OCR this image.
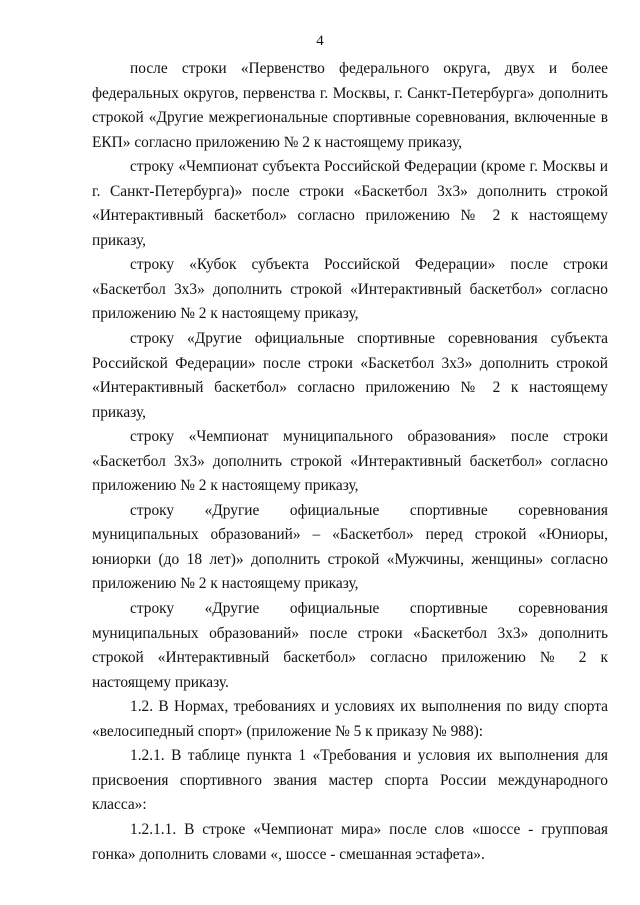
4

после строки «Первенство федерального округа, двух и более федеральных округов, первенства г. Москвы, г. Санкт-Петербурга» дополнить строкой «Другие межрегиональные спортивные соревнования, включенные в ЕКП» согласно приложению № 2 к настоящему приказу,

строку «Чемпионат субъекта Российской Федерации (кроме г. Москвы и г. Санкт-Петербурга)» после строки «Баскетбол 3х3» дополнить строкой «Интерактивный баскетбол» согласно приложению № 2 к настоящему приказу,

строку «Кубок субъекта Российской Федерации» после строки «Баскетбол 3х3» дополнить строкой «Интерактивный баскетбол» согласно приложению № 2 к настоящему приказу,

строку «Другие официальные спортивные соревнования субъекта Российской Федерации» после строки «Баскетбол 3х3» дополнить строкой «Интерактивный баскетбол» согласно приложению № 2 к настоящему приказу,

строку «Чемпионат муниципального образования» после строки «Баскетбол 3х3» дополнить строкой «Интерактивный баскетбол» согласно приложению № 2 к настоящему приказу,

строку «Другие официальные спортивные соревнования муниципальных образований» – «Баскетбол» перед строкой «Юниоры, юниорки (до 18 лет)» дополнить строкой «Мужчины, женщины» согласно приложению № 2 к настоящему приказу,

строку «Другие официальные спортивные соревнования муниципальных образований» после строки «Баскетбол 3х3» дополнить строкой «Интерактивный баскетбол» согласно приложению № 2 к настоящему приказу.

1.2. В Нормах, требованиях и условиях их выполнения по виду спорта «велосипедный спорт» (приложение № 5 к приказу № 988):

1.2.1. В таблице пункта 1 «Требования и условия их выполнения для присвоения спортивного звания мастер спорта России международного класса»:

1.2.1.1. В строке «Чемпионат мира» после слов «шоссе - групповая гонка» дополнить словами «, шоссе - смешанная эстафета».
